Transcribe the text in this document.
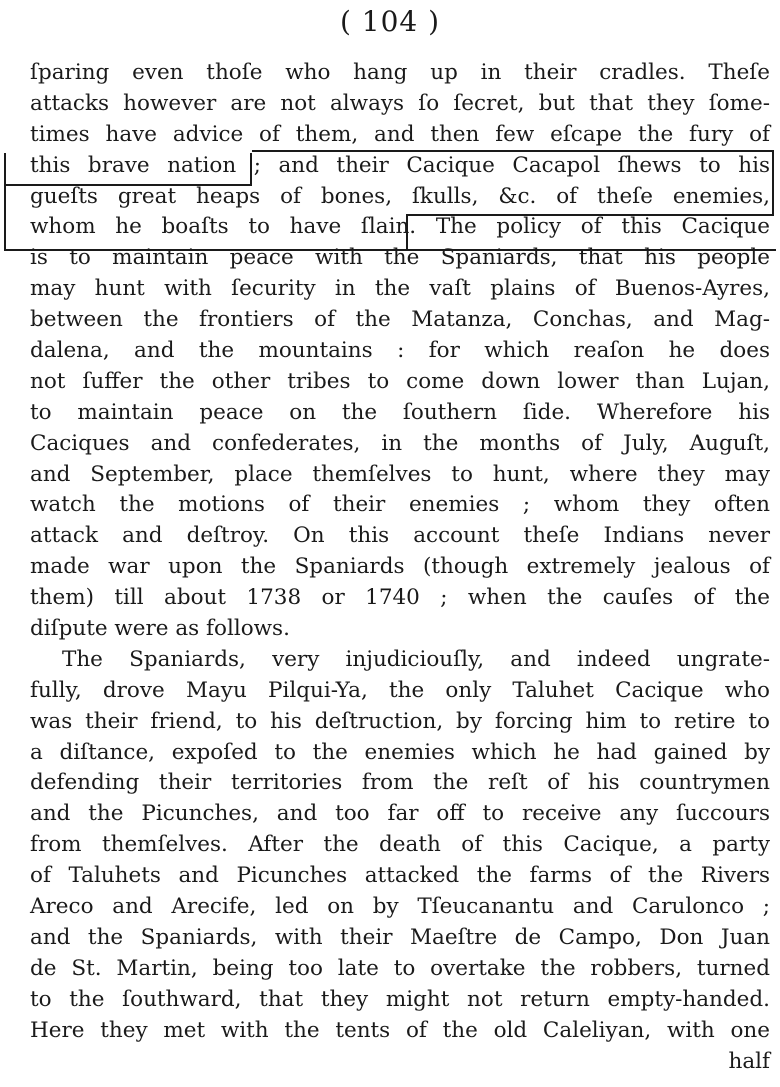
( 104 )
ſparing even thoſe who hang up in their cradles. Theſe
attacks however are not always ſo ſecret, but that they ſome-
times have advice of them, and then few eſcape the fury of
this brave nation ; and their Cacique Cacapol ſhews to his
gueſts great heaps of bones, ſkulls, &c. of theſe enemies,
whom he boaſts to have ſlain. The policy of this Cacique
is to maintain peace with the Spaniards, that his people
may hunt with ſecurity in the vaſt plains of Buenos-Ayres,
between the frontiers of the Matanza, Conchas, and Mag-
dalena, and the mountains : for which reaſon he does
not ſuffer the other tribes to come down lower than Lujan,
to maintain peace on the ſouthern ſide. Wherefore his
Caciques and confederates, in the months of July, Auguſt,
and September, place themſelves to hunt, where they may
watch the motions of their enemies ; whom they often
attack and deſtroy. On this account theſe Indians never
made war upon the Spaniards (though extremely jealous of
them) till about 1738 or 1740 ; when the cauſes of the
diſpute were as follows.
The Spaniards, very injudiciouſly, and indeed ungrate-
fully, drove Mayu Pilqui-Ya, the only Taluhet Cacique who
was their friend, to his deſtruction, by forcing him to retire to
a diſtance, expoſed to the enemies which he had gained by
defending their territories from the reſt of his countrymen
and the Picunches, and too far off to receive any ſuccours
from themſelves. After the death of this Cacique, a party
of Taluhets and Picunches attacked the farms of the Rivers
Areco and Arecife, led on by Tſeucanantu and Carulonco ;
and the Spaniards, with their Maeſtre de Campo, Don Juan
de St. Martin, being too late to overtake the robbers, turned
to the ſouthward, that they might not return empty-handed.
Here they met with the tents of the old Caleliyan, with one
half
